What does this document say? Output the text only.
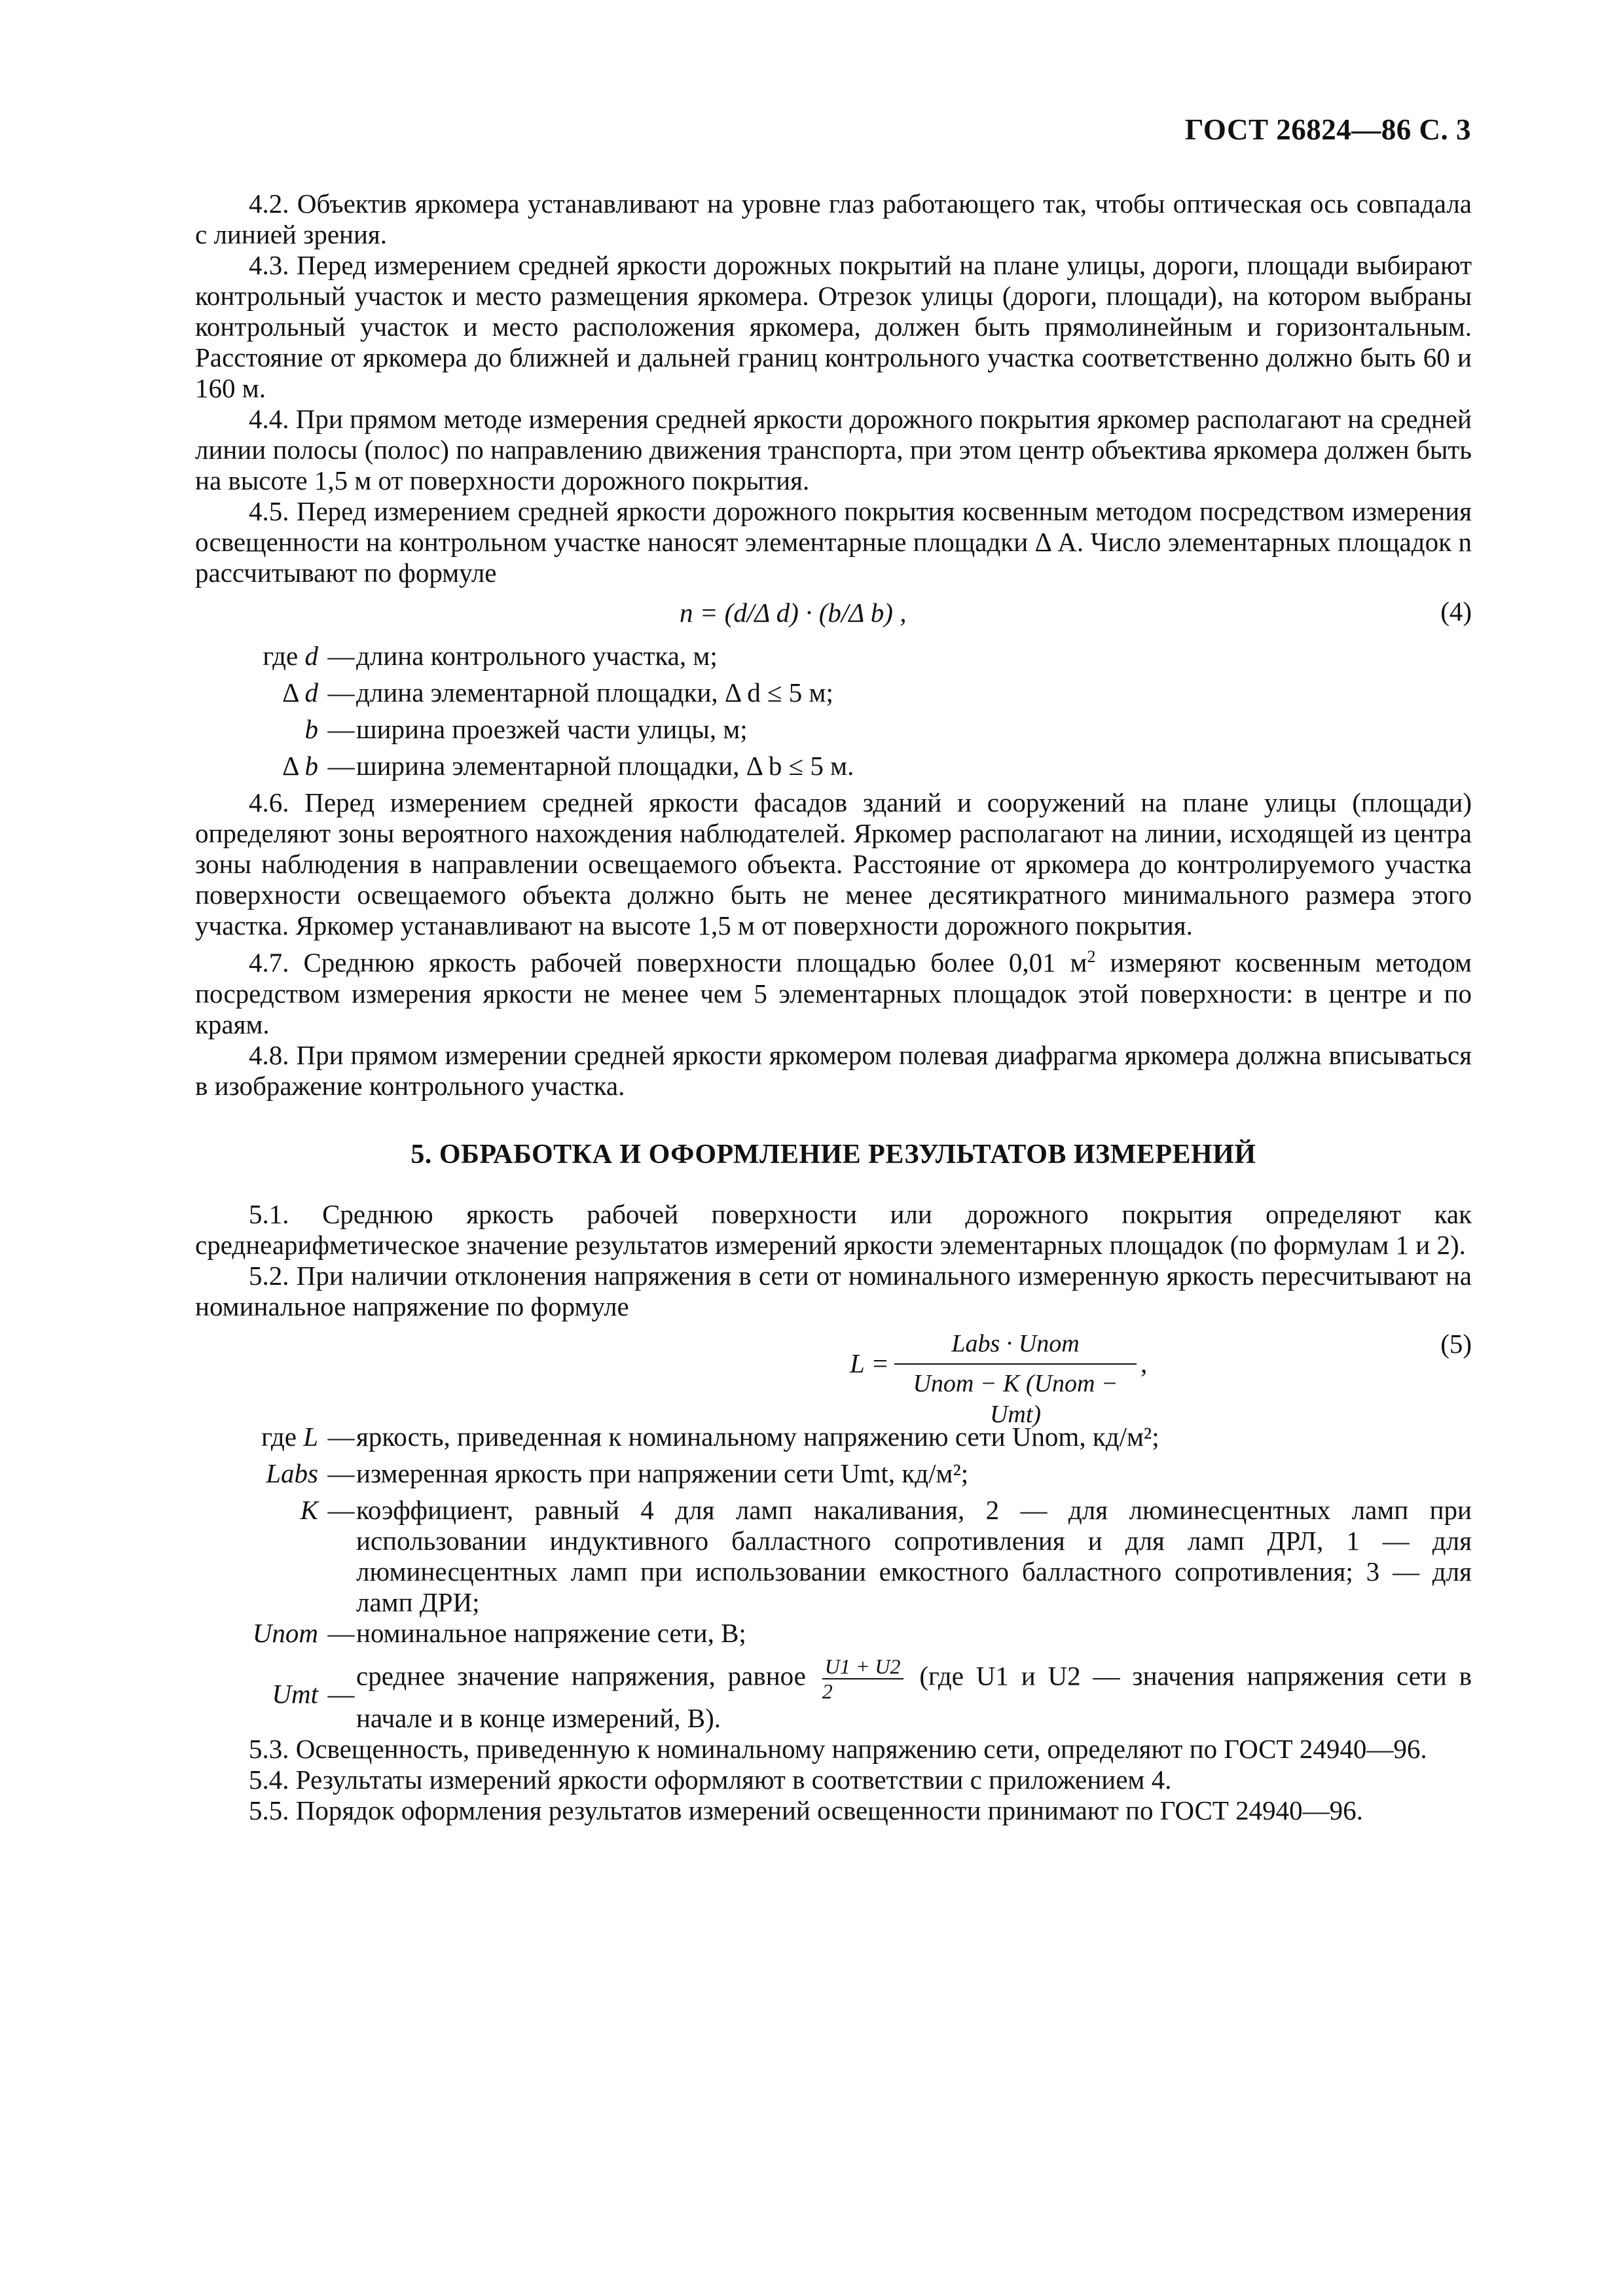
ГОСТ 26824—86 С. 3

4.2. Объектив яркомера устанавливают на уровне глаз работающего так, чтобы оптическая ось совпадала с линией зрения.

4.3. Перед измерением средней яркости дорожных покрытий на плане улицы, дороги, площади выбирают контрольный участок и место размещения яркомера. Отрезок улицы (дороги, площади), на котором выбраны контрольный участок и место расположения яркомера, должен быть прямолинейным и горизонтальным. Расстояние от яркомера до ближней и дальней границ контрольного участка соответственно должно быть 60 и 160 м.

4.4. При прямом методе измерения средней яркости дорожного покрытия яркомер располагают на средней линии полосы (полос) по направлению движения транспорта, при этом центр объектива яркомера должен быть на высоте 1,5 м от поверхности дорожного покрытия.

4.5. Перед измерением средней яркости дорожного покрытия косвенным методом посредством измерения освещенности на контрольном участке наносят элементарные площадки Δ A. Число элементарных площадок n рассчитывают по формуле

n = (d/Δ d) · (b/Δ b) ,	(4)
где d — длина контрольного участка, м;
Δ d — длина элементарной площадки, Δ d ≤ 5 м;
b — ширина проезжей части улицы, м;
Δ b — ширина элементарной площадки, Δ b ≤ 5 м.

4.6. Перед измерением средней яркости фасадов зданий и сооружений на плане улицы (площади) определяют зоны вероятного нахождения наблюдателей. Яркомер располагают на линии, исходящей из центра зоны наблюдения в направлении освещаемого объекта. Расстояние от яркомера до контролируемого участка поверхности освещаемого объекта должно быть не менее десятикратного минимального размера этого участка. Яркомер устанавливают на высоте 1,5 м от поверхности дорожного покрытия.

4.7. Среднюю яркость рабочей поверхности площадью более 0,01 $м^2$ измеряют косвенным методом посредством измерения яркости не менее чем 5 элементарных площадок этой поверхности: в центре и по краям.

4.8. При прямом измерении средней яркости яркомером полевая диафрагма яркомера должна вписываться в изображение контрольного участка.

5. ОБРАБОТКА И ОФОРМЛЕНИЕ РЕЗУЛЬТАТОВ ИЗМЕРЕНИЙ

5.1. Среднюю яркость рабочей поверхности или дорожного покрытия определяют как среднеарифметическое значение результатов измерений яркости элементарных площадок (по формулам 1 и 2).

5.2. При наличии отклонения напряжения в сети от номинального измеренную яркость пересчитывают на номинальное напряжение по формуле

L =
Labs · Unom
Unom − K (Unom − Umt)
,
(5)
где L — яркость, приведенная к номинальному напряжению сети Unom, кд/м²;
Labs — измеренная яркость при напряжении сети Umt, кд/м²;
K — коэффициент, равный 4 для ламп накаливания, 2 — для люминесцентных ламп при использовании индуктивного балластного сопротивления и для ламп ДРЛ, 1 — для люминесцентных ламп при использовании емкостного балластного сопротивления; 3 — для ламп ДРИ;
Unom — номинальное напряжение сети, В;
Umt —
среднее значение напряжения, равное $\frac{U1 + U2}{2} (где$ U1 и U2 — значения напряжения сети в начале и в конце измерений, В).

5.3. Освещенность, приведенную к номинальному напряжению сети, определяют по ГОСТ 24940—96.

5.4. Результаты измерений яркости оформляют в соответствии с приложением 4.

5.5. Порядок оформления результатов измерений освещенности принимают по ГОСТ 24940—96.
